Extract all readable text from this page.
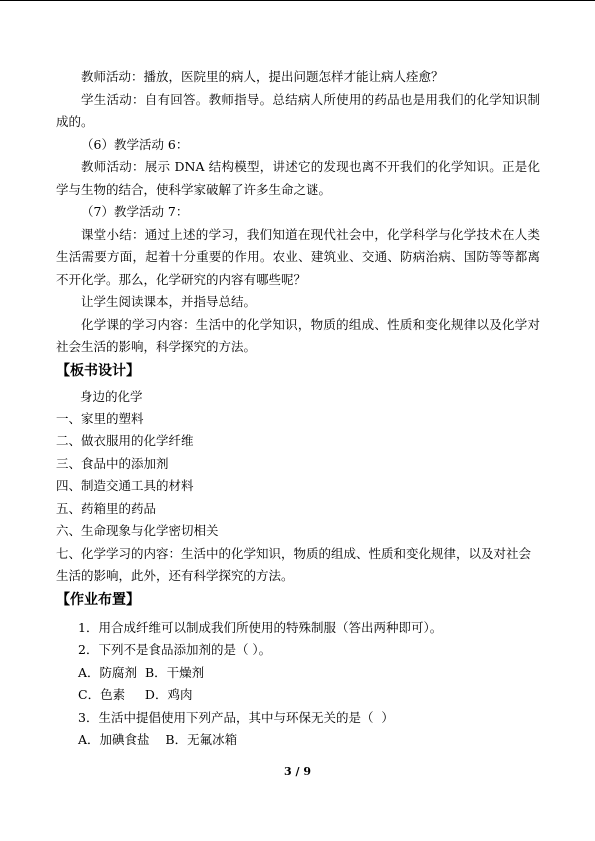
教师活动：播放，医院里的病人，提出问题怎样才能让病人痊愈？

学生活动：自有回答。教师指导。总结病人所使用的药品也是用我们的化学知识制成的。

（6）教学活动 6：

教师活动：展示 DNA 结构模型，讲述它的发现也离不开我们的化学知识。正是化学与生物的结合，使科学家破解了许多生命之谜。

（7）教学活动 7：

课堂小结：通过上述的学习，我们知道在现代社会中，化学科学与化学技术在人类生活需要方面，起着十分重要的作用。农业、建筑业、交通、防病治病、国防等等都离不开化学。那么，化学研究的内容有哪些呢？

让学生阅读课本，并指导总结。

化学课的学习内容：生活中的化学知识，物质的组成、性质和变化规律以及化学对社会生活的影响，科学探究的方法。

【板书设计】
身边的化学

一、家里的塑料

二、做衣服用的化学纤维

三、食品中的添加剂

四、制造交通工具的材料

五、药箱里的药品

六、生命现象与化学密切相关

七、化学学习的内容：生活中的化学知识，物质的组成、性质和变化规律，以及对社会生活的影响，此外，还有科学探究的方法。

【作业布置】

1．用合成纤维可以制成我们所使用的特殊制服（答出两种即可）。

2．下列不是食品添加剂的是（ ）。

A．防腐剂  B．干燥剂

C．色素     D．鸡肉

3．生活中提倡使用下列产品，其中与环保无关的是（  ）

A．加碘食盐    B．无氟冰箱

3 / 9
